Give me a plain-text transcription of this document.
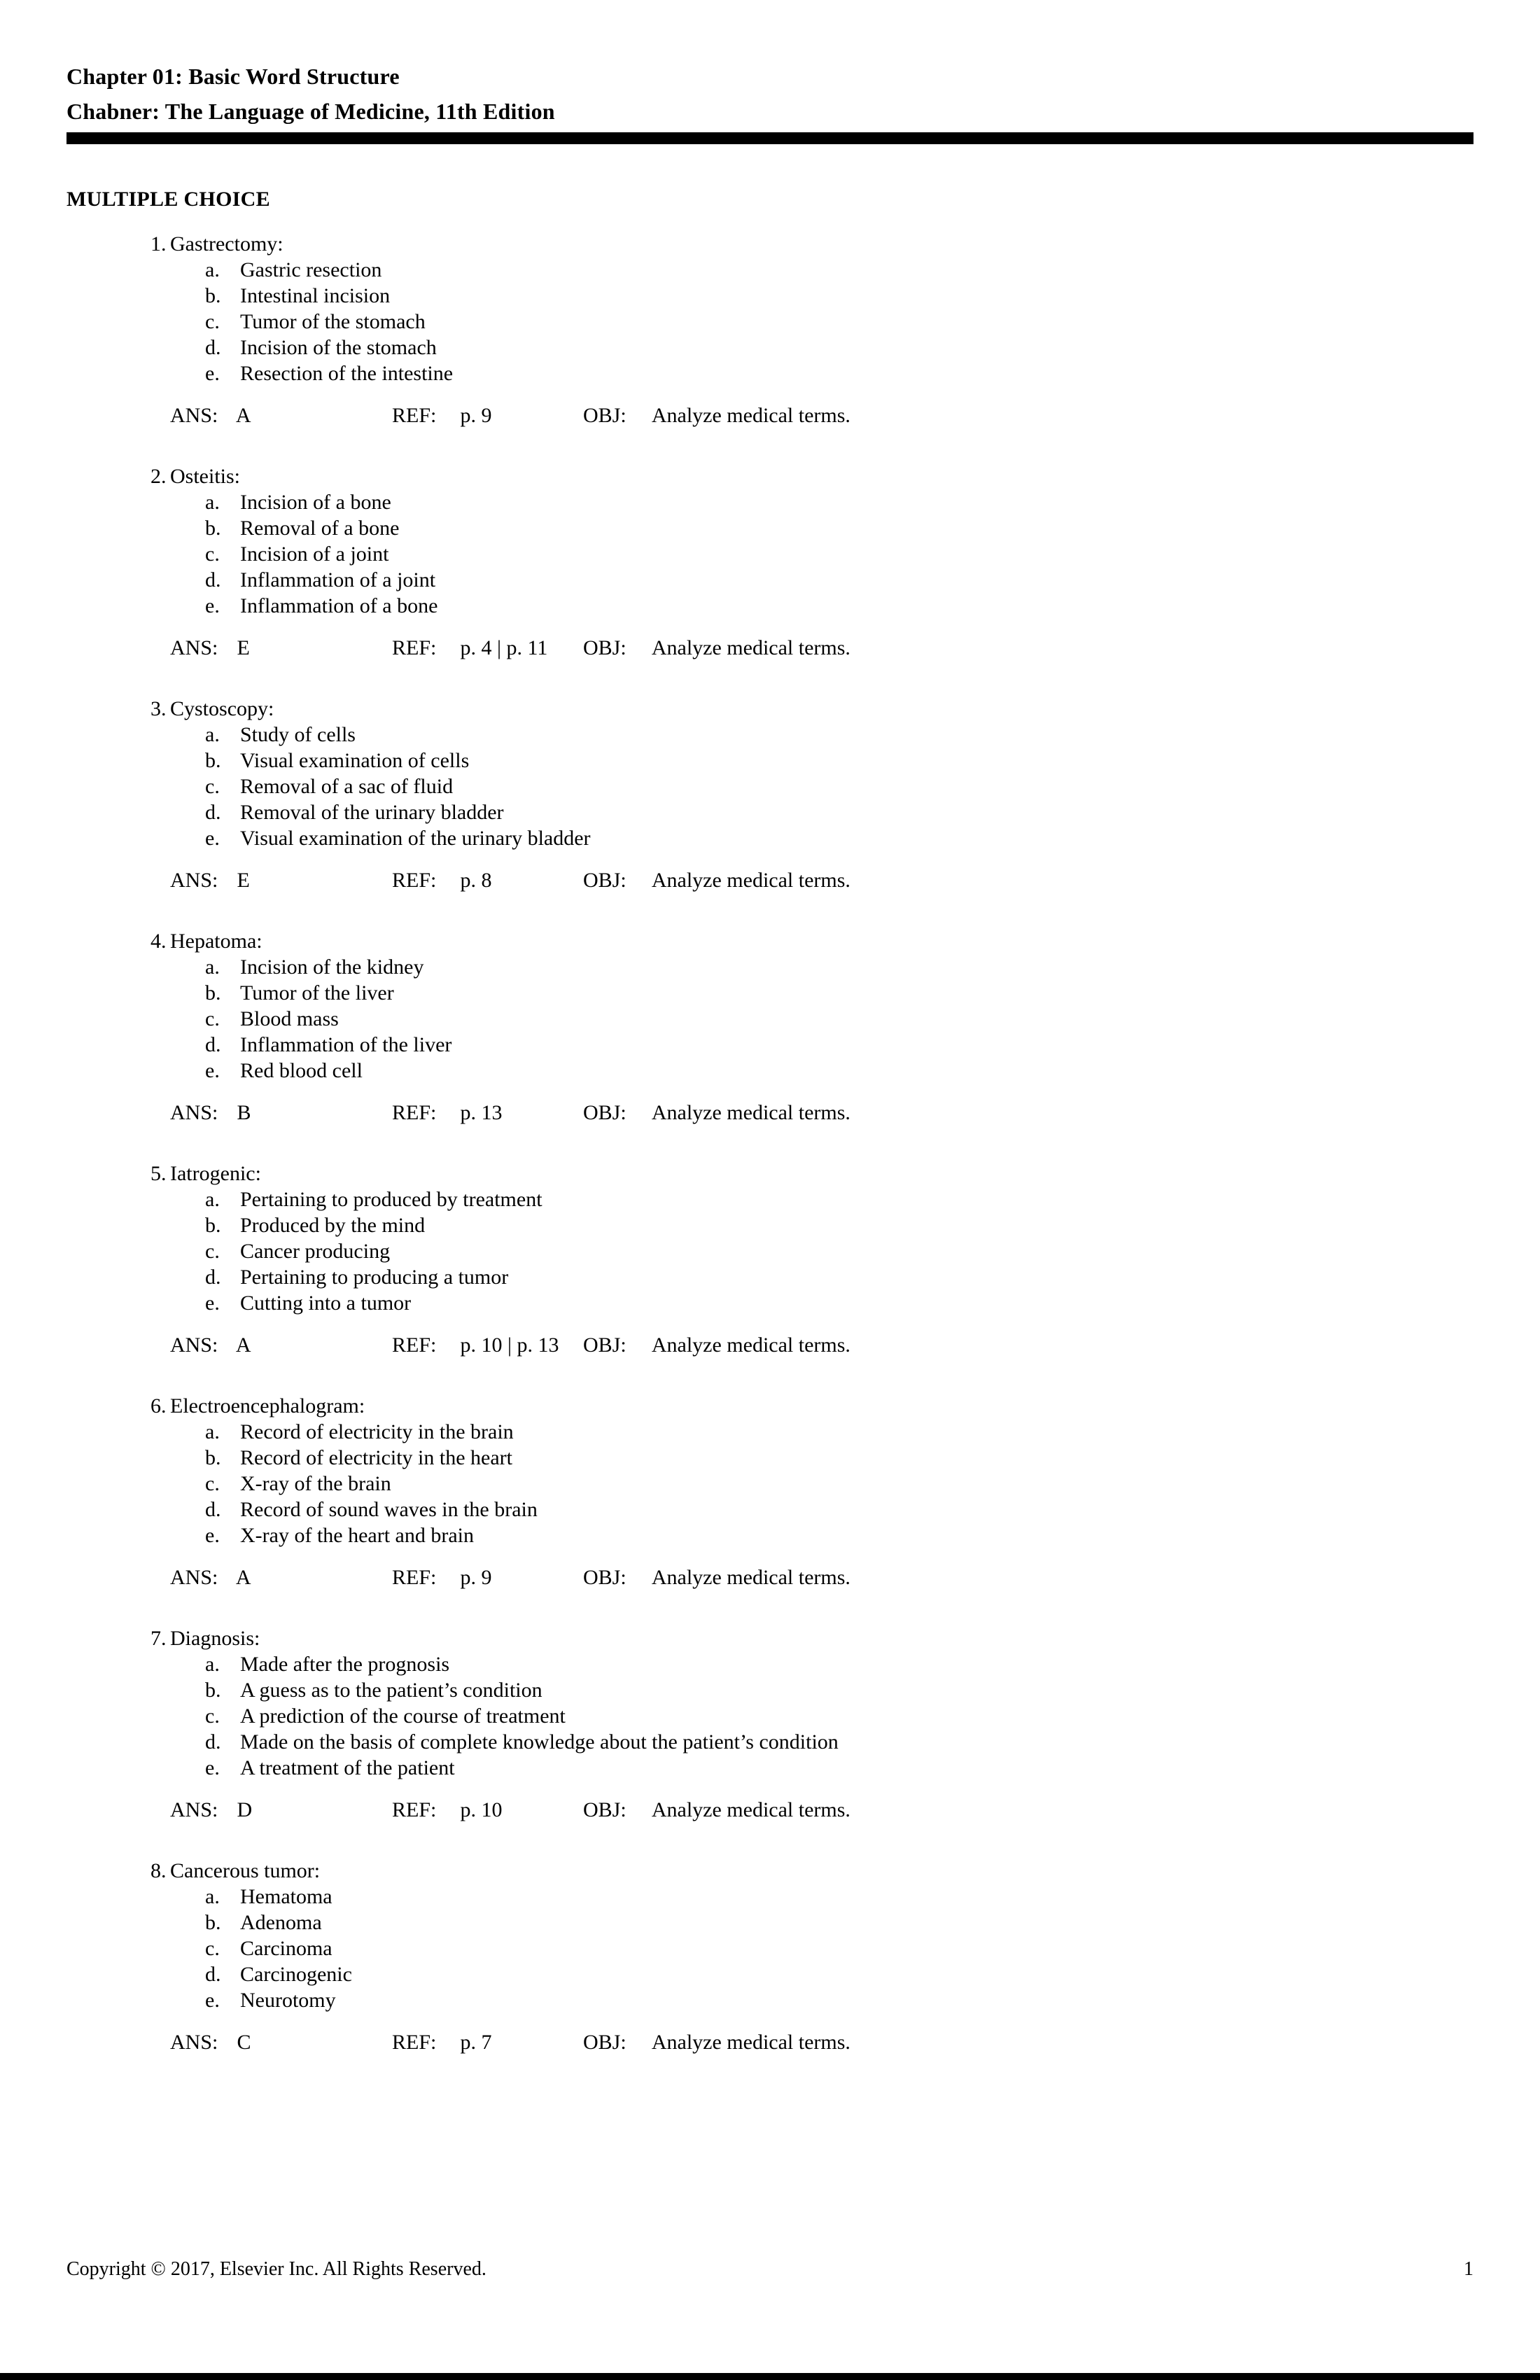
Chapter 01: Basic Word Structure
Chabner: The Language of Medicine, 11th Edition
MULTIPLE CHOICE
1. Gastrectomy:
a. Gastric resection
b. Intestinal incision
c. Tumor of the stomach
d. Incision of the stomach
e. Resection of the intestine
ANS: A	REF: p. 9	OBJ: Analyze medical terms.
2. Osteitis:
a. Incision of a bone
b. Removal of a bone
c. Incision of a joint
d. Inflammation of a joint
e. Inflammation of a bone
ANS: E	REF: p. 4 | p. 11	OBJ: Analyze medical terms.
3. Cystoscopy:
a. Study of cells
b. Visual examination of cells
c. Removal of a sac of fluid
d. Removal of the urinary bladder
e. Visual examination of the urinary bladder
ANS: E	REF: p. 8	OBJ: Analyze medical terms.
4. Hepatoma:
a. Incision of the kidney
b. Tumor of the liver
c. Blood mass
d. Inflammation of the liver
e. Red blood cell
ANS: B	REF: p. 13	OBJ: Analyze medical terms.
5. Iatrogenic:
a. Pertaining to produced by treatment
b. Produced by the mind
c. Cancer producing
d. Pertaining to producing a tumor
e. Cutting into a tumor
ANS: A	REF: p. 10 | p. 13	OBJ: Analyze medical terms.
6. Electroencephalogram:
a. Record of electricity in the brain
b. Record of electricity in the heart
c. X-ray of the brain
d. Record of sound waves in the brain
e. X-ray of the heart and brain
ANS: A	REF: p. 9	OBJ: Analyze medical terms.
7. Diagnosis:
a. Made after the prognosis
b. A guess as to the patient’s condition
c. A prediction of the course of treatment
d. Made on the basis of complete knowledge about the patient’s condition
e. A treatment of the patient
ANS: D	REF: p. 10	OBJ: Analyze medical terms.
8. Cancerous tumor:
a. Hematoma
b. Adenoma
c. Carcinoma
d. Carcinogenic
e. Neurotomy
ANS: C	REF: p. 7	OBJ: Analyze medical terms.
Copyright © 2017, Elsevier Inc. All Rights Reserved.	1
